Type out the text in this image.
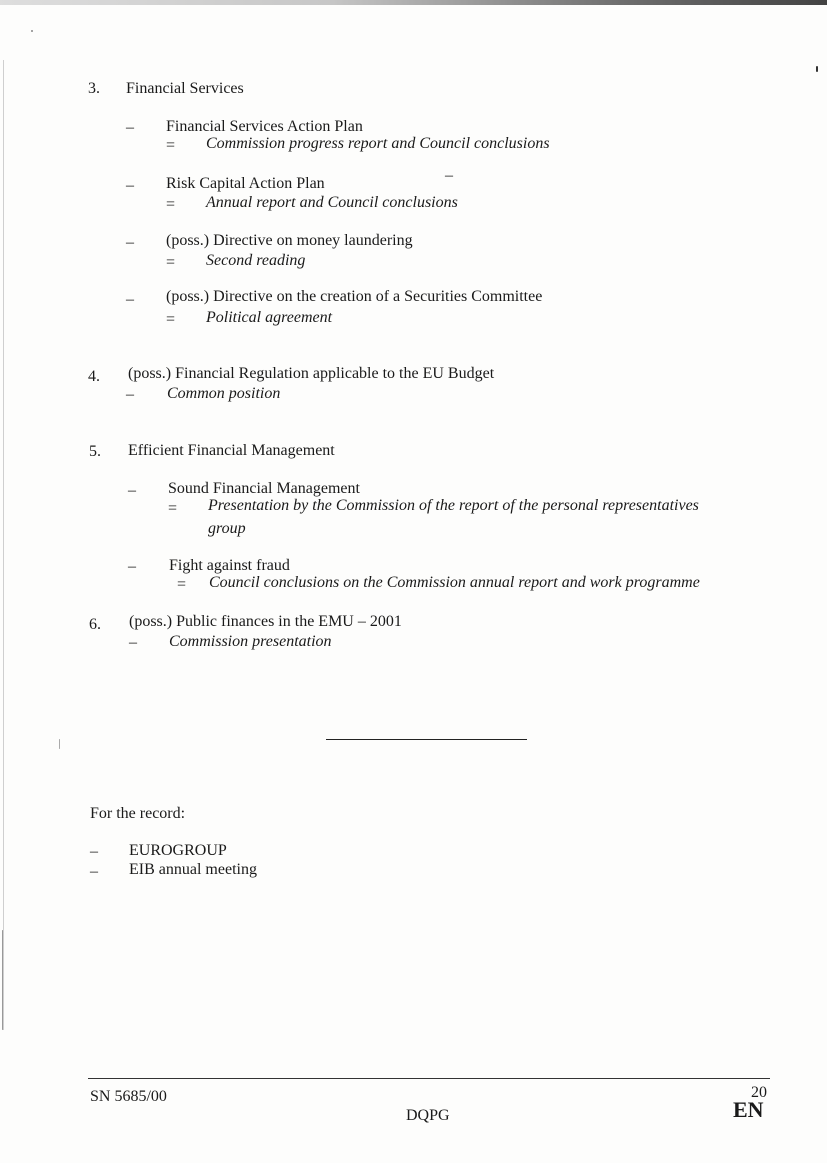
3. Financial Services
– Financial Services Action Plan
= Commission progress report and Council conclusions
– Risk Capital Action Plan	–
= Annual report and Council conclusions
– (poss.) Directive on money laundering
= Second reading
– (poss.) Directive on the creation of a Securities Committee
= Political agreement
4. (poss.) Financial Regulation applicable to the EU Budget
– Common position
5. Efficient Financial Management
– Sound Financial Management
= Presentation by the Commission of the report of the personal representatives
group
– Fight against fraud
= Council conclusions on the Commission annual report and work programme
6. (poss.) Public finances in the EMU – 2001
– Commission presentation
For the record:
– EUROGROUP
– EIB annual meeting
SN 5685/00
DQPG
20
EN
